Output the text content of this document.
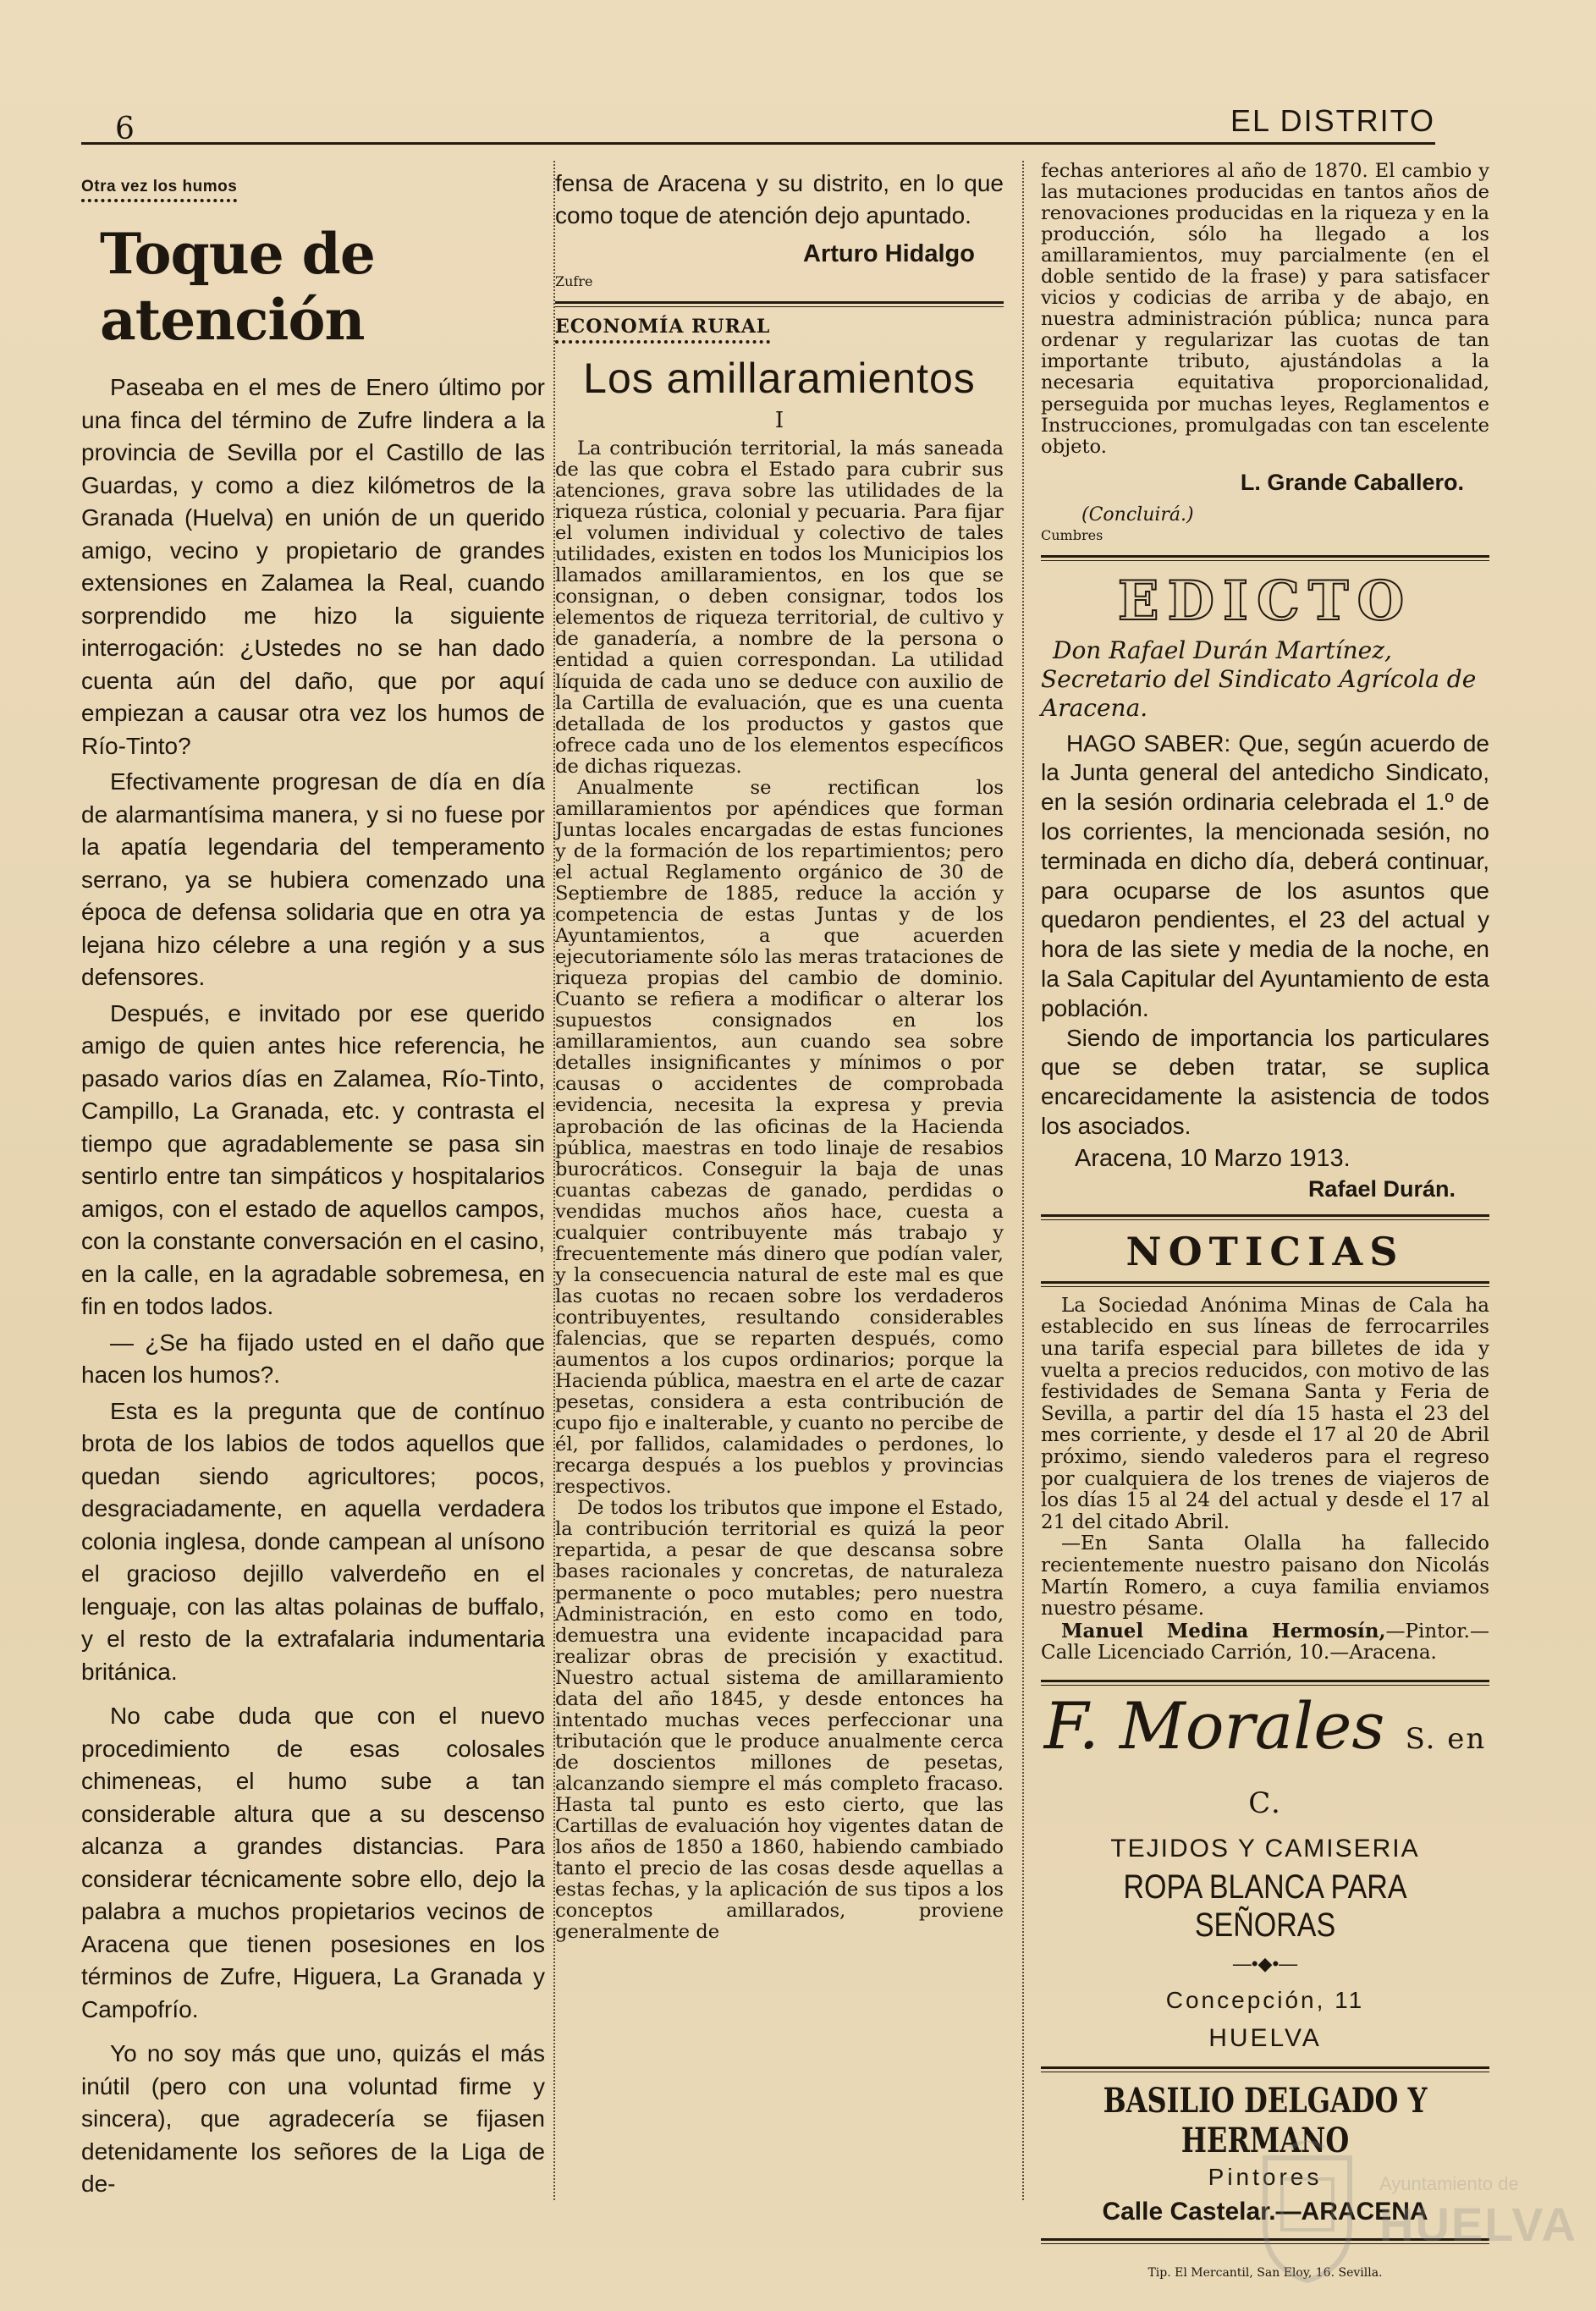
6	EL DISTRITO
Otra vez los humos
Toque de atención

Paseaba en el mes de Enero último por una finca del término de Zufre lindera a la provincia de Sevilla por el Castillo de las Guardas, y como a diez kilómetros de la Granada (Huelva) en unión de un querido amigo, vecino y propietario de grandes extensiones en Zalamea la Real, cuando sorprendido me hizo la siguiente interrogación: ¿Ustedes no se han dado cuenta aún del daño, que por aquí empiezan a causar otra vez los humos de Río-Tinto?

Efectivamente progresan de día en día de alarmantísima manera, y si no fuese por la apatía legendaria del temperamento serrano, ya se hubiera comenzado una época de defensa solidaria que en otra ya lejana hizo célebre a una región y a sus defensores.

Después, e invitado por ese querido amigo de quien antes hice referencia, he pasado varios días en Zalamea, Río-Tinto, Campillo, La Granada, etc. y contrasta el tiempo que agradablemente se pasa sin sentirlo entre tan simpáticos y hospitalarios amigos, con el estado de aquellos campos, con la constante conversación en el casino, en la calle, en la agradable sobremesa, en fin en todos lados.

— ¿Se ha fijado usted en el daño que hacen los humos?.

Esta es la pregunta que de contínuo brota de los labios de todos aquellos que quedan siendo agricultores; pocos, desgraciadamente, en aquella verdadera colonia inglesa, donde campean al unísono el gracioso dejillo valverdeño en el lenguaje, con las altas polainas de buffalo, y el resto de la extrafalaria indumentaria británica.

No cabe duda que con el nuevo procedimiento de esas colosales chimeneas, el humo sube a tan considerable altura que a su descenso alcanza a grandes distancias. Para considerar técnicamente sobre ello, dejo la palabra a muchos propietarios vecinos de Aracena que tienen posesiones en los términos de Zufre, Higuera, La Granada y Campofrío.

Yo no soy más que uno, quizás el más inútil (pero con una voluntad firme y sincera), que agradecería se fijasen detenidamente los señores de la Liga de de-

fensa de Aracena y su distrito, en lo que como toque de atención dejo apuntado.

Arturo Hidalgo
Zufre
ECONOMÍA RURAL
Los amillaramientos
I

La contribución territorial, la más saneada de las que cobra el Estado para cubrir sus atenciones, grava sobre las utilidades de la riqueza rústica, colonial y pecuaria. Para fijar el volumen individual y colectivo de tales utilidades, existen en todos los Municipios los llamados amillaramientos, en los que se consignan, o deben consignar, todos los elementos de riqueza territorial, de cultivo y de ganadería, a nombre de la persona o entidad a quien correspondan. La utilidad líquida de cada uno se deduce con auxilio de la Cartilla de evaluación, que es una cuenta detallada de los productos y gastos que ofrece cada uno de los elementos específicos de dichas riquezas.

Anualmente se rectifican los amillaramientos por apéndices que forman Juntas locales encargadas de estas funciones y de la formación de los repartimientos; pero el actual Reglamento orgánico de 30 de Septiembre de 1885, reduce la acción y competencia de estas Juntas y de los Ayuntamientos, a que acuerden ejecutoriamente sólo las meras trataciones de riqueza propias del cambio de dominio. Cuanto se refiera a modificar o alterar los supuestos consignados en los amillaramientos, aun cuando sea sobre detalles insignificantes y mínimos o por causas o accidentes de comprobada evidencia, necesita la expresa y previa aprobación de las oficinas de la Hacienda pública, maestras en todo linaje de resabios burocráticos. Conseguir la baja de unas cuantas cabezas de ganado, perdidas o vendidas muchos años hace, cuesta a cualquier contribuyente más trabajo y frecuentemente más dinero que podían valer, y la consecuencia natural de este mal es que las cuotas no recaen sobre los verdaderos contribuyentes, resultando considerables falencias, que se reparten después, como aumentos a los cupos ordinarios; porque la Hacienda pública, maestra en el arte de cazar pesetas, considera a esta contribución de cupo fijo e inalterable, y cuanto no percibe de él, por fallidos, calamidades o perdones, lo recarga después a los pueblos y provincias respectivos.

De todos los tributos que impone el Estado, la contribución territorial es quizá la peor repartida, a pesar de que descansa sobre bases racionales y concretas, de naturaleza permanente o poco mutables; pero nuestra Administración, en esto como en todo, demuestra una evidente incapacidad para realizar obras de precisión y exactitud. Nuestro actual sistema de amillaramiento data del año 1845, y desde entonces ha intentado muchas veces perfeccionar una tributación que le produce anualmente cerca de doscientos millones de pesetas, alcanzando siempre el más completo fracaso. Hasta tal punto es esto cierto, que las Cartillas de evaluación hoy vigentes datan de los años de 1850 a 1860, habiendo cambiado tanto el precio de las cosas desde aquellas a estas fechas, y la aplicación de sus tipos a los conceptos amillarados, proviene generalmente de

fechas anteriores al año de 1870. El cambio y las mutaciones producidas en tantos años de renovaciones producidas en la riqueza y en la producción, sólo ha llegado a los amillaramientos, muy parcialmente (en el doble sentido de la frase) y para satisfacer vicios y codicias de arriba y de abajo, en nuestra administración pública; nunca para ordenar y regularizar las cuotas de tan importante tributo, ajustándolas a la necesaria equitativa proporcionalidad, perseguida por muchas leyes, Reglamentos e Instrucciones, promulgadas con tan escelente objeto.

L. Grande Caballero.
(Concluirá.)
Cumbres
EDICTO

Don Rafael Durán Martínez, Secretario del Sindicato Agrícola de Aracena.

HAGO SABER: Que, según acuerdo de la Junta general del antedicho Sindicato, en la sesión ordinaria celebrada el 1.º de los corrientes, la mencionada sesión, no terminada en dicho día, deberá continuar, para ocuparse de los asuntos que quedaron pendientes, el 23 del actual y hora de las siete y media de la noche, en la Sala Capitular del Ayuntamiento de esta población.

Siendo de importancia los particulares que se deben tratar, se suplica encarecidamente la asistencia de todos los asociados.

Aracena, 10 Marzo 1913.
Rafael Durán.
NOTICIAS

La Sociedad Anónima Minas de Cala ha establecido en sus líneas de ferrocarriles una tarifa especial para billetes de ida y vuelta a precios reducidos, con motivo de las festividades de Semana Santa y Feria de Sevilla, a partir del día 15 hasta el 23 del mes corriente, y desde el 17 al 20 de Abril próximo, siendo valederos para el regreso por cualquiera de los trenes de viajeros de los días 15 al 24 del actual y desde el 17 al 21 del citado Abril.

—En Santa Olalla ha fallecido recientemente nuestro paisano don Nicolás Martín Romero, a cuya familia enviamos nuestro pésame.

Manuel Medina Hermosín,—Pintor.— Calle Licenciado Carrión, 10.—Aracena.

F. Morales S. en C.
TEJIDOS Y CAMISERIA
ROPA BLANCA PARA SEÑORAS
—•◆•—
Concepción, 11
HUELVA
BASILIO DELGADO Y HERMANO
Pintores
Calle Castelar.—ARACENA
Tip. El Mercantil, San Eloy, 16. Sevilla.
Ayuntamiento de
HUELVA
